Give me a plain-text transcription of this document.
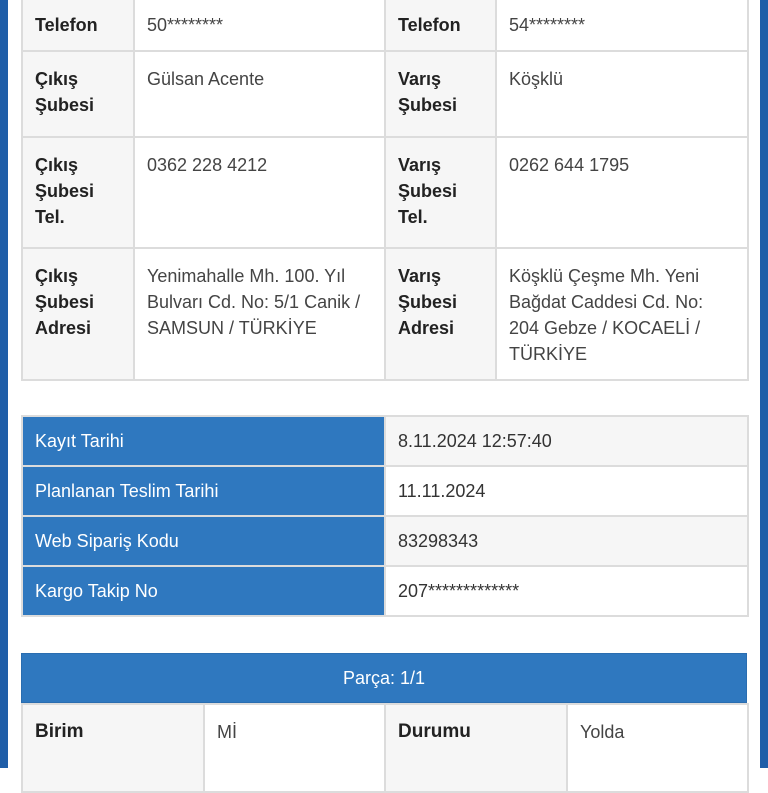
Telefon	50********	Telefon	54********
Çıkış Şubesi	Gülsan Acente	Varış Şubesi	Köşklü
Çıkış Şubesi Tel.	0362 228 4212	Varış Şubesi Tel.	0262 644 1795
Çıkış Şubesi Adresi	Yenimahalle Mh. 100. Yıl Bulvarı Cd. No: 5/1 Canik / SAMSUN / TÜRKİYE	Varış Şubesi Adresi	Köşklü Çeşme Mh. Yeni Bağdat Caddesi Cd. No: 204 Gebze / KOCAELİ / TÜRKİYE
Kayıt Tarihi	8.11.2024 12:57:40
Planlanan Teslim Tarihi	11.11.2024
Web Sipariş Kodu	83298343
Kargo Takip No	207*************
Parça: 1/1
Birim	Mİ	Durumu	Yolda
